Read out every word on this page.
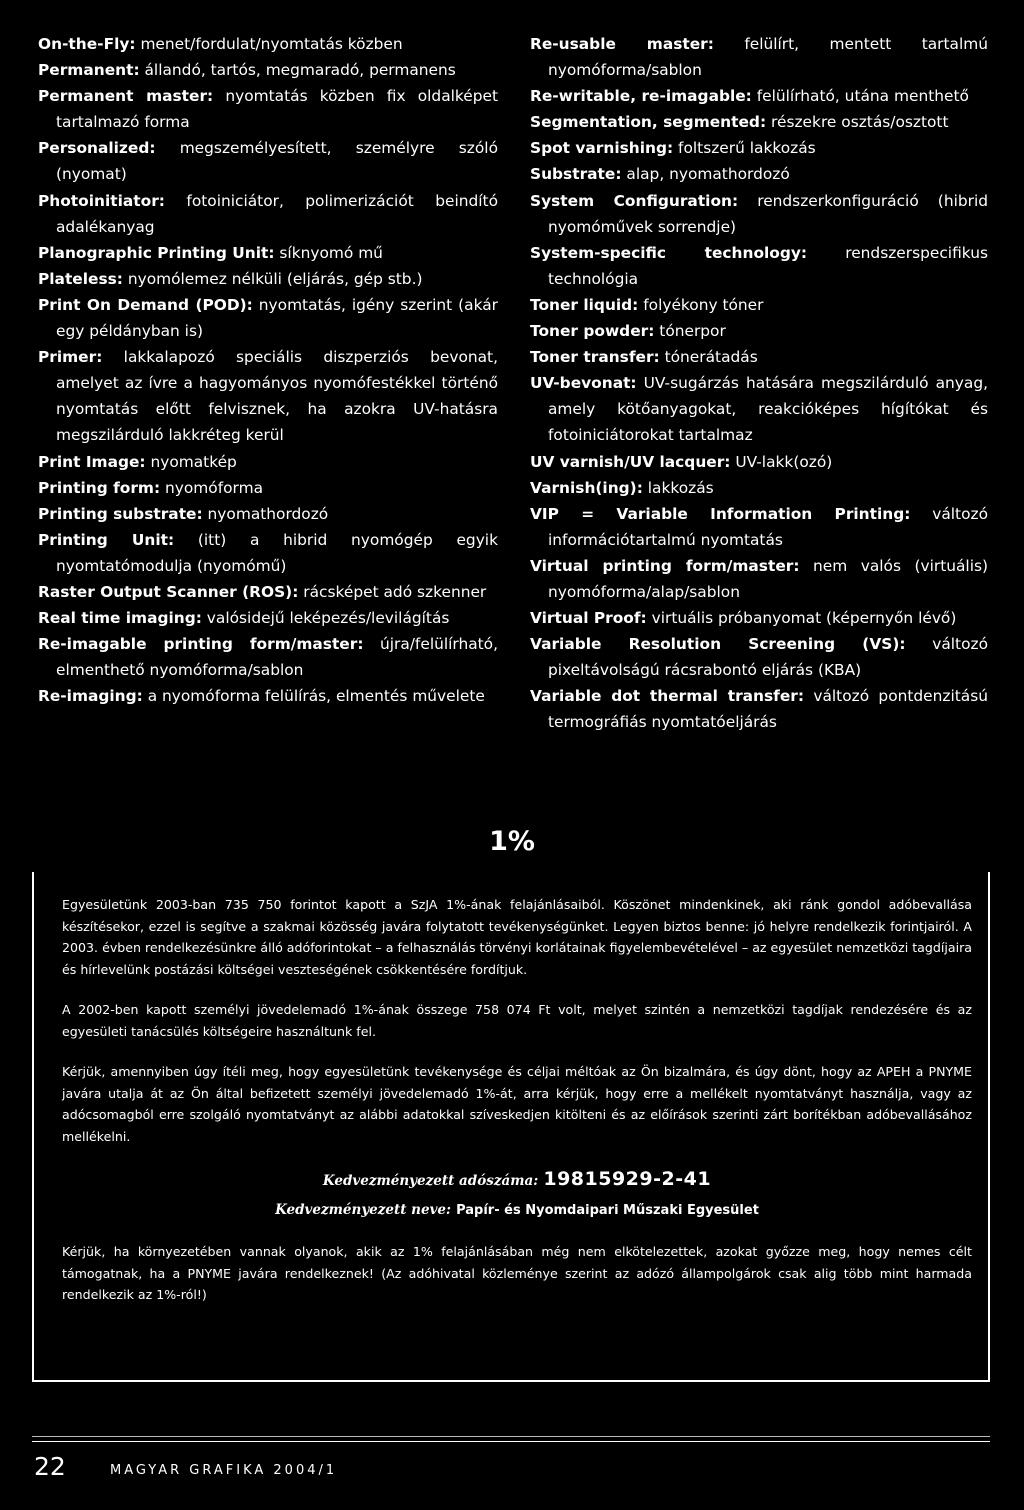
On-the-Fly: menet/fordulat/nyomtatás közben
Permanent: állandó, tartós, megmaradó, permanens
Permanent master: nyomtatás közben fix oldalképet tartalmazó forma
Personalized: megszemélyesített, személyre szóló (nyomat)
Photoinitiator: fotoiniciátor, polimerizációt beindító adalékanyag
Planographic Printing Unit: síknyomó mű
Plateless: nyomólemez nélküli (eljárás, gép stb.)
Print On Demand (POD): nyomtatás, igény szerint (akár egy példányban is)
Primer: lakkalapozó speciális diszperziós bevonat, amelyet az ívre a hagyományos nyomófestékkel történő nyomtatás előtt felvisznek, ha azokra UV-hatásra megszilárduló lakkréteg kerül
Print Image: nyomatkép
Printing form: nyomóforma
Printing substrate: nyomathordozó
Printing Unit: (itt) a hibrid nyomógép egyik nyomtatómodulja (nyomómű)
Raster Output Scanner (ROS): rácsképet adó szkenner
Real time imaging: valósidejű leképezés/levilágítás
Re-imagable printing form/master: újra/felülírható, elmenthető nyomóforma/sablon
Re-imaging: a nyomóforma felülírás, elmentés művelete
Re-usable master: felülírt, mentett tartalmú nyomóforma/sablon
Re-writable, re-imagable: felülírható, utána menthető
Segmentation, segmented: részekre osztás/osztott
Spot varnishing: foltszerű lakkozás
Substrate: alap, nyomathordozó
System Configuration: rendszerkonfiguráció (hibrid nyomóművek sorrendje)
System-specific technology: rendszerspecifikus technológia
Toner liquid: folyékony tóner
Toner powder: tónerpor
Toner transfer: tónerátadás
UV-bevonat: UV-sugárzás hatására megszilárduló anyag, amely kötőanyagokat, reakcióképes hígítókat és fotoiniciátorokat tartalmaz
UV varnish/UV lacquer: UV-lakk(ozó)
Varnish(ing): lakkozás
VIP = Variable Information Printing: változó információtartalmú nyomtatás
Virtual printing form/master: nem valós (virtuális) nyomóforma/alap/sablon
Virtual Proof: virtuális próbanyomat (képernyőn lévő)
Variable Resolution Screening (VS): változó pixeltávolságú rácsrabontó eljárás (KBA)
Variable dot thermal transfer: változó pontdenzitású termográfiás nyomtatóeljárás
1%

Egyesületünk 2003-ban 735 750 forintot kapott a SzJA 1%-ának felajánlásaiból. Köszönet mindenkinek, aki ránk gondol adóbevallása készítésekor, ezzel is segítve a szakmai közösség javára folytatott tevékenységünket. Legyen biztos benne: jó helyre rendelkezik forintjairól. A 2003. évben rendelkezésünkre álló adóforintokat – a felhasználás törvényi korlátainak figyelembevételével – az egyesület nemzetközi tagdíjaira és hírlevelünk postázási költségei veszteségének csökkentésére fordítjuk.

A 2002-ben kapott személyi jövedelemadó 1%-ának összege 758 074 Ft volt, melyet szintén a nemzetközi tagdíjak rendezésére és az egyesületi tanácsülés költségeire használtunk fel.

Kérjük, amennyiben úgy ítéli meg, hogy egyesületünk tevékenysége és céljai méltóak az Ön bizalmára, és úgy dönt, hogy az APEH a PNYME javára utalja át az Ön által befizetett személyi jövedelemadó 1%-át, arra kérjük, hogy erre a mellékelt nyomtatványt használja, vagy az adócsomagból erre szolgáló nyomtatványt az alábbi adatokkal szíveskedjen kitölteni és az előírások szerinti zárt borítékban adóbevallásához mellékelni.

Kedvezményezett adószáma: 19815929-2-41
Kedvezményezett neve: Papír- és Nyomdaipari Műszaki Egyesület

Kérjük, ha környezetében vannak olyanok, akik az 1% felajánlásában még nem elkötelezettek, azokat győzze meg, hogy nemes célt támogatnak, ha a PNYME javára rendelkeznek! (Az adóhivatal közleménye szerint az adózó állampolgárok csak alig több mint harmada rendelkezik az 1%-ról!)

22	MAGYAR GRAFIKA 2004/1
